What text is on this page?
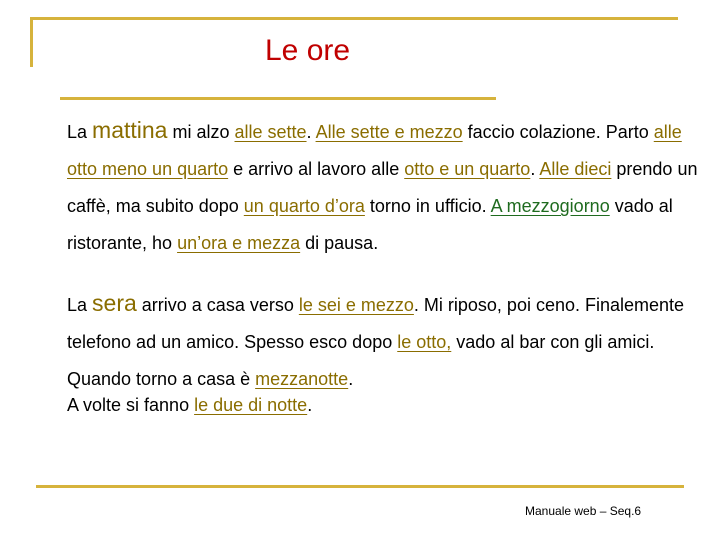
Le ore

La mattina mi alzo alle sette. Alle sette e mezzo faccio colazione. Parto alle otto meno un quarto e arrivo al lavoro alle otto e un quarto. Alle dieci prendo un caffè, ma subito dopo un quarto d’ora torno in ufficio. A mezzogiorno vado al ristorante, ho un’ora e mezza di pausa.

La sera arrivo a casa verso le sei e mezzo. Mi riposo, poi ceno. Finalemente telefono ad un amico. Spesso esco dopo le otto, vado al bar con gli amici. Quando torno a casa è mezzanotte.

A volte si fanno le due di notte.

Manuale web – Seq.6
